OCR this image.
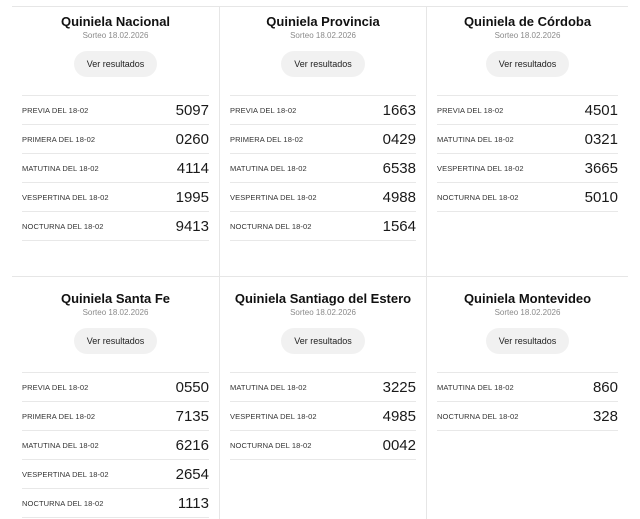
Quiniela Nacional
Sorteo 18.02.2026
Ver resultados
PREVIA DEL 18-02	5097
PRIMERA DEL 18-02	0260
MATUTINA DEL 18-02	4114
VESPERTINA DEL 18-02	1995
NOCTURNA DEL 18-02	9413
Quiniela Provincia
Sorteo 18.02.2026
Ver resultados
PREVIA DEL 18-02	1663
PRIMERA DEL 18-02	0429
MATUTINA DEL 18-02	6538
VESPERTINA DEL 18-02	4988
NOCTURNA DEL 18-02	1564
Quiniela de Córdoba
Sorteo 18.02.2026
Ver resultados
PREVIA DEL 18-02	4501
MATUTINA DEL 18-02	0321
VESPERTINA DEL 18-02	3665
NOCTURNA DEL 18-02	5010
Quiniela Santa Fe
Sorteo 18.02.2026
Ver resultados
PREVIA DEL 18-02	0550
PRIMERA DEL 18-02	7135
MATUTINA DEL 18-02	6216
VESPERTINA DEL 18-02	2654
NOCTURNA DEL 18-02	1113
Quiniela Santiago del Estero
Sorteo 18.02.2026
Ver resultados
MATUTINA DEL 18-02	3225
VESPERTINA DEL 18-02	4985
NOCTURNA DEL 18-02	0042
Quiniela Montevideo
Sorteo 18.02.2026
Ver resultados
MATUTINA DEL 18-02	860
NOCTURNA DEL 18-02	328
